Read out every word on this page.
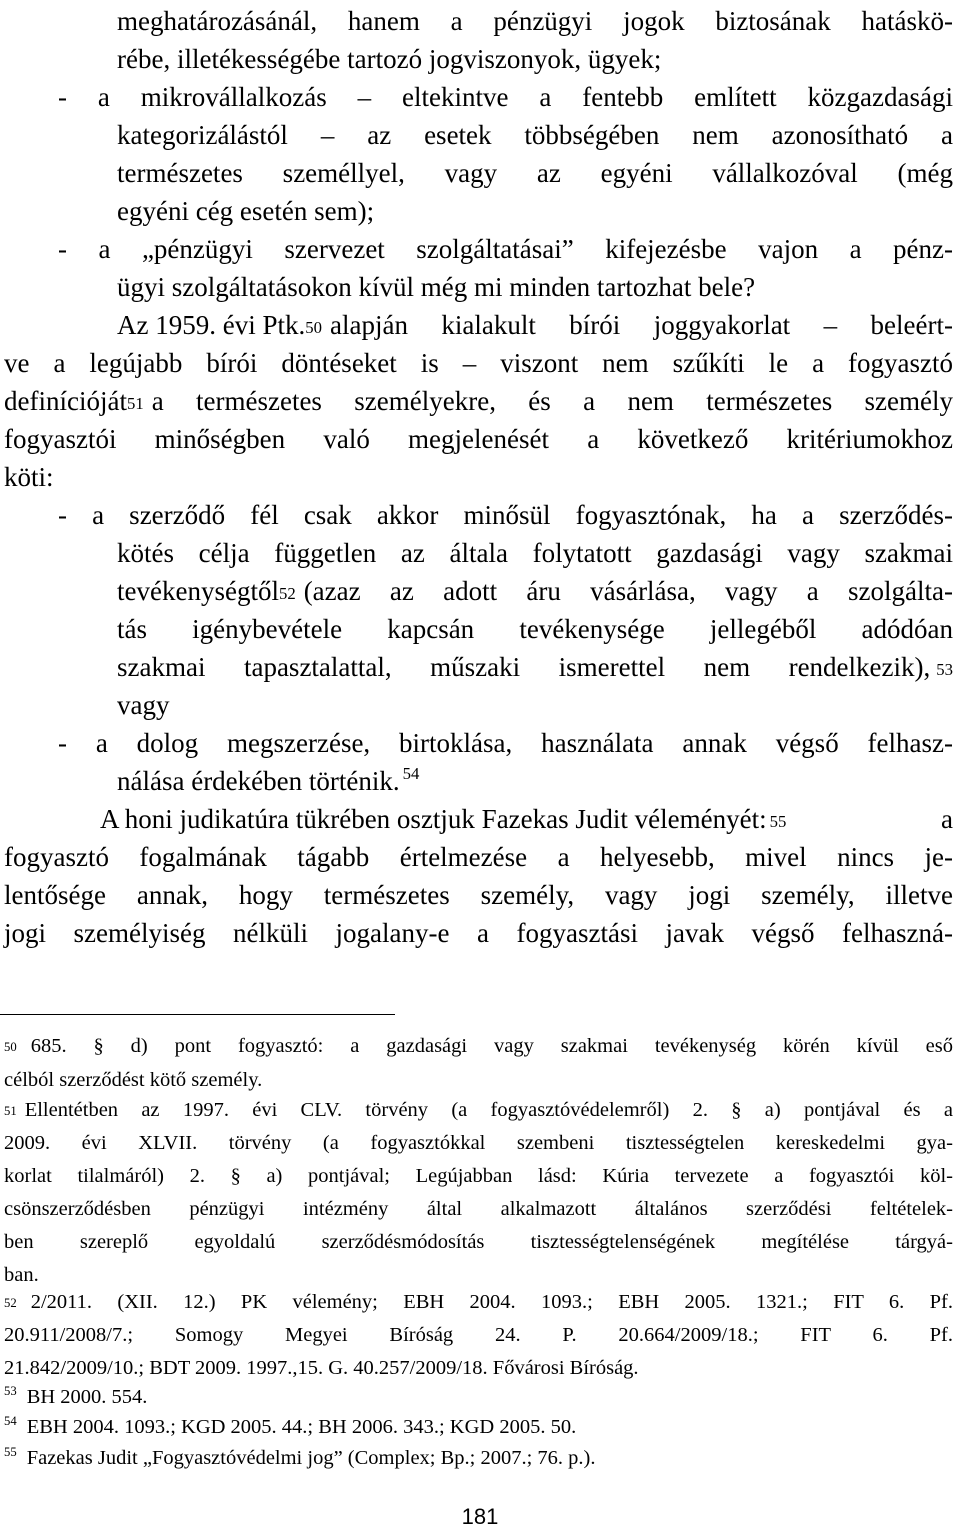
meghatározásánál, hanem a pénzügyi jogok biztosának hatáskö-
rébe, illetékességébe tartozó jogviszonyok, ügyek;
- a mikrovállalkozás – eltekintve a fentebb említett közgazdasági
kategorizálástól – az esetek többségében nem azonosítható a
természetes személlyel, vagy az egyéni vállalkozóval (még
egyéni cég esetén sem);
- a „pénzügyi szervezet szolgáltatásai” kifejezésbe vajon a pénz-
ügyi szolgáltatásokon kívül még mi minden tartozhat bele?
Az 1959. évi Ptk.$^{50}$ alapján kialakult bírói joggyakorlat – beleért-
ve a legújabb bírói döntéseket is – viszont nem szűkíti le a fogyasztó
definícióját$^{51}$ a természetes személyekre, és a nem természetes személy
fogyasztói minőségben való megjelenését a következő kritériumokhoz
köti:
- a szerződő fél csak akkor minősül fogyasztónak, ha a szerződés-
kötés célja független az általa folytatott gazdasági vagy szakmai
tevékenységtől$^{52}$ (azaz az adott áru vásárlása, vagy a szolgálta-
tás igénybevétele kapcsán tevékenysége jellegéből adódóan
szakmai tapasztalattal, műszaki ismerettel nem rendelkezik), $^{53}$
vagy
- a dolog megszerzése, birtoklása, használata annak végső felhasz-
nálása érdekében történik. $^{54}$
A honi judikatúra tükrében osztjuk Fazekas Judit véleményét:$^{55}$	a
fogyasztó fogalmának tágabb értelmezése a helyesebb, mivel nincs je-
lentősége annak, hogy természetes személy, vagy jogi személy, illetve
jogi személyiség nélküli jogalany-e a fogyasztási javak végső felhaszná-
$^{50}$ 685. § d) pont fogyasztó: a gazdasági vagy szakmai tevékenység körén kívül eső
célból szerződést kötő személy.
$^{51}$ Ellentétben az 1997. évi CLV. törvény (a fogyasztóvédelemről) 2. § a) pontjával és a
2009. évi XLVII. törvény (a fogyasztókkal szembeni tisztességtelen kereskedelmi gya-
korlat tilalmáról) 2. § a) pontjával; Legújabban lásd: Kúria tervezete a fogyasztói köl-
csönszerződésben pénzügyi intézmény által alkalmazott általános szerződési feltételek-
ben szereplő egyoldalú szerződésmódosítás tisztességtelenségének megítélése tárgyá-
ban.
$^{52}$ 2/2011. (XII. 12.) PK vélemény; EBH 2004. 1093.; EBH 2005. 1321.; FIT 6. Pf.
20.911/2008/7.; Somogy Megyei Bíróság 24. P. 20.664/2009/18.; FIT 6. Pf.
21.842/2009/10.; BDT 2009. 1997.,15. G. 40.257/2009/18. Fővárosi Bíróság.
$^{53}$ BH 2000. 554.
$^{54}$ EBH 2004. 1093.; KGD 2005. 44.; BH 2006. 343.; KGD 2005. 50.
$^{55}$ Fazekas Judit „Fogyasztóvédelmi jog” (Complex; Bp.; 2007.; 76. p.).
181
